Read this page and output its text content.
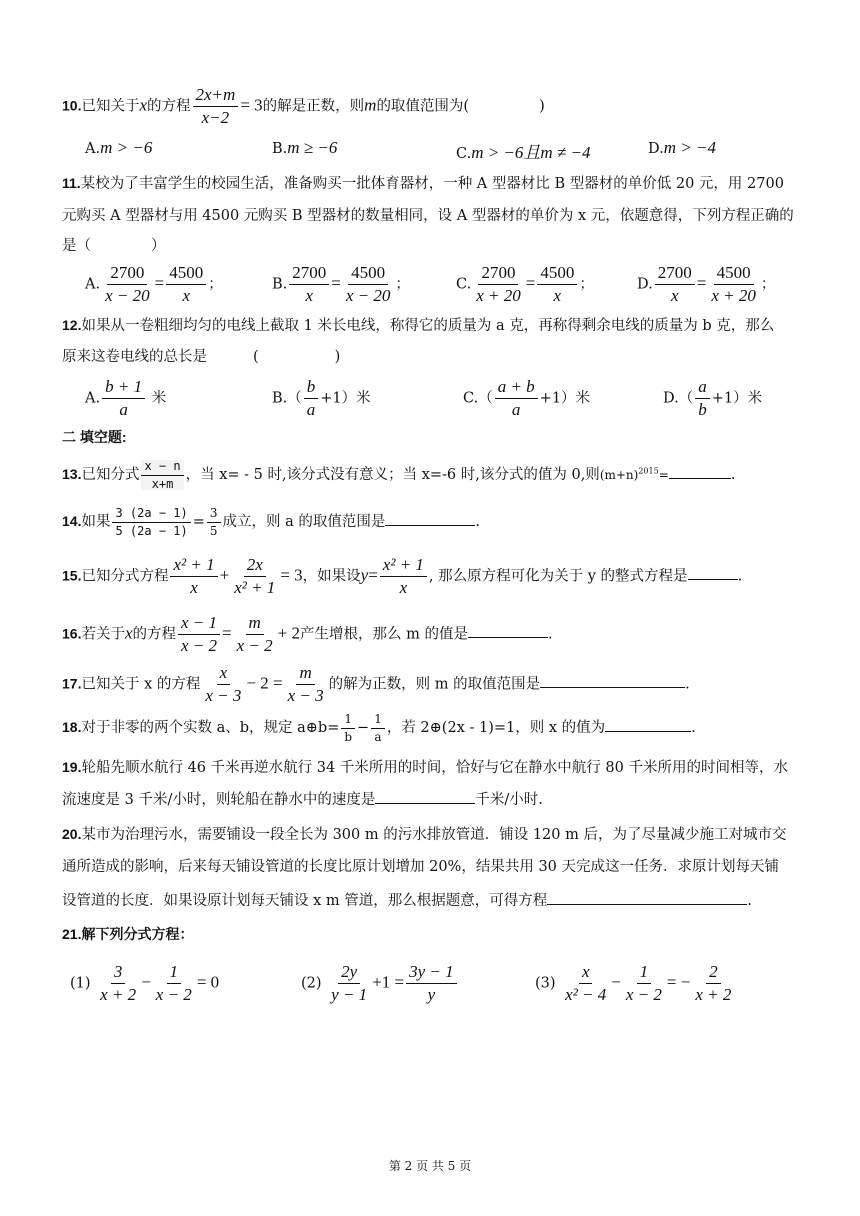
10.已知关于x的方程 $\frac{2x+m}{x-2} = 3$的解是正数，则m的取值范围为(	)
A.m > −6	B.m ≥ −6	C.m > −6且m ≠ −4	D.m > −4
11.某校为了丰富学生的校园生活，准备购买一批体育器材，一种 A 型器材比 B 型器材的单价低 20 元，用 2700
元购买 A 型器材与用 4500 元购买 B 型器材的数量相同，设 A 型器材的单价为 x 元，依题意得，下列方程正确的
是（	）
A. $\frac{2700}{x - 20} = \frac{4500}{x}$ ；	B. $\frac{2700}{x} = \frac{4500}{x - 20}$ ；	C. $\frac{2700}{x + 20} = \frac{4500}{x}$ ；	D. $\frac{2700}{x} = \frac{4500}{x + 20}$ ；
12.如果从一卷粗细均匀的电线上截取 1 米长电线，称得它的质量为 a 克，再称得剩余电线的质量为 b 克，那么
原来这卷电线的总长是	(	)
A. $\frac{b + 1}{a}$ 米	$B.( \frac{b}{a} +1)$米	$C.( \frac{a + b}{a} +1)$米	$D.( \frac{a}{b} +1)$米
二 填空题:
13.已知分式 $\frac{x - n}{x+m}$ ，当 x= - 5 时,该分式没有意义；当 x=-6 时,该分式的值为 0,则$(m+n)^{2015}=$	.
14.如果 $\frac{3 (2a - 1)}{5 (2a - 1)} = \frac{3}{5}$ 成立，则 a 的取值范围是	.
15.已知分式方程 $\frac{\text{x² + 1}}{x} + \frac{2x}{\text{x² + 1}} = 3$，如果设$y= \frac{\text{x² + 1}}{x}$ , 那么原方程可化为关于 y 的整式方程是	.
16.若关于x的方程 $\frac{x - 1}{x - 2} = \frac{m}{x - 2} + 2$产生增根，那么 m 的值是	.
17.已知关于 x 的方程 $\frac{x}{x - 3} - 2 = \frac{m}{x - 3}$ 的解为正数，则 m 的取值范围是	.
18.对于非零的两个实数 a、b，规定 a⊕b= $\frac{1}{b} - \frac{1}{a}$ ，若 2⊕(2x - 1)=1，则 x 的值为	.
19.轮船先顺水航行 46 千米再逆水航行 34 千米所用的时间，恰好与它在静水中航行 80 千米所用的时间相等，水
流速度是 3 千米/小时，则轮船在静水中的速度是	千米/小时.
20.某市为治理污水，需要铺设一段全长为 300 m 的污水排放管道．铺设 120 m 后，为了尽量减少施工对城市交
通所造成的影响，后来每天铺设管道的长度比原计划增加 20%，结果共用 30 天完成这一任务．求原计划每天铺
设管道的长度．如果设原计划每天铺设 x m 管道，那么根据题意，可得方程	.
21.解下列分式方程：
$(1) \frac{3}{x + 2} - \frac{1}{x - 2} = 0$	$(2) \frac{2y}{y - 1} +1 = \frac{3y - 1}{y}$	$(3) \frac{x}{\text{x² − 4}} - \frac{1}{x - 2}$ = − $\frac{2}{x + 2}$
第 2 页 共 5 页
